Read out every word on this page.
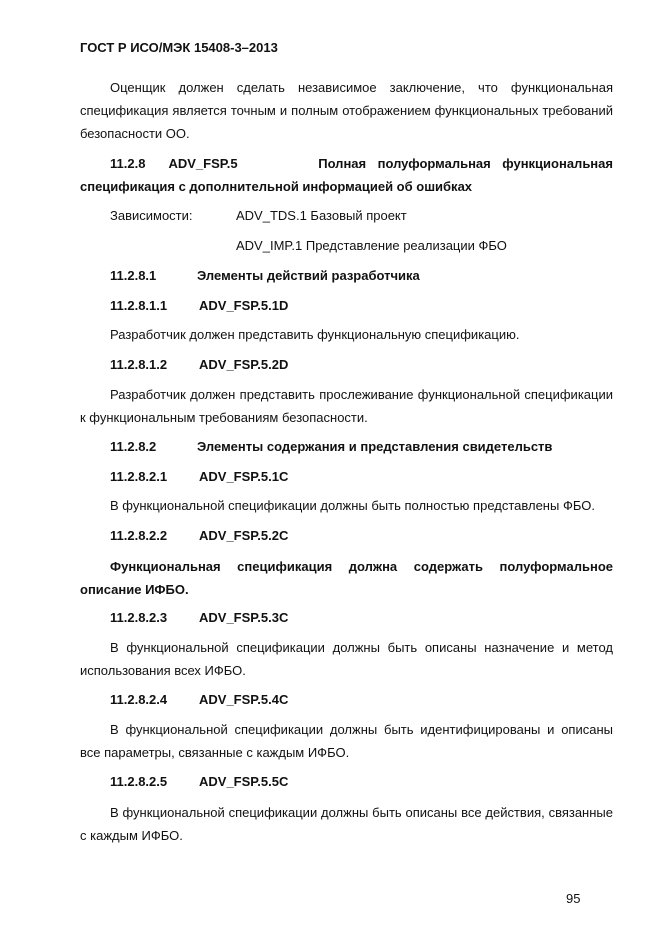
ГОСТ Р ИСО/МЭК 15408-3–2013
Оценщик должен сделать независимое заключение, что функциональная спецификация является точным и полным отображением функциональных требований безопасности ОО.
11.2.8 ADV_FSP.5	Полная полуформальная функциональная спецификация с дополнительной информацией об ошибках
Зависимости:	ADV_TDS.1 Базовый проект
ADV_IMP.1 Представление реализации ФБО
11.2.8.1	Элементы действий разработчика
11.2.8.1.1 ADV_FSP.5.1D
Разработчик должен представить функциональную спецификацию.
11.2.8.1.2 ADV_FSP.5.2D
Разработчик должен представить прослеживание функциональной спецификации к функциональным требованиям безопасности.
11.2.8.2	Элементы содержания и представления свидетельств
11.2.8.2.1 ADV_FSP.5.1C
В функциональной спецификации должны быть полностью представлены ФБО.
11.2.8.2.2 ADV_FSP.5.2C
Функциональная спецификация должна содержать полуформальное описание ИФБО.
11.2.8.2.3 ADV_FSP.5.3C
В функциональной спецификации должны быть описаны назначение и метод использования всех ИФБО.
11.2.8.2.4 ADV_FSP.5.4C
В функциональной спецификации должны быть идентифицированы и описаны все параметры, связанные с каждым ИФБО.
11.2.8.2.5 ADV_FSP.5.5C
В функциональной спецификации должны быть описаны все действия, связанные с каждым ИФБО.
95
